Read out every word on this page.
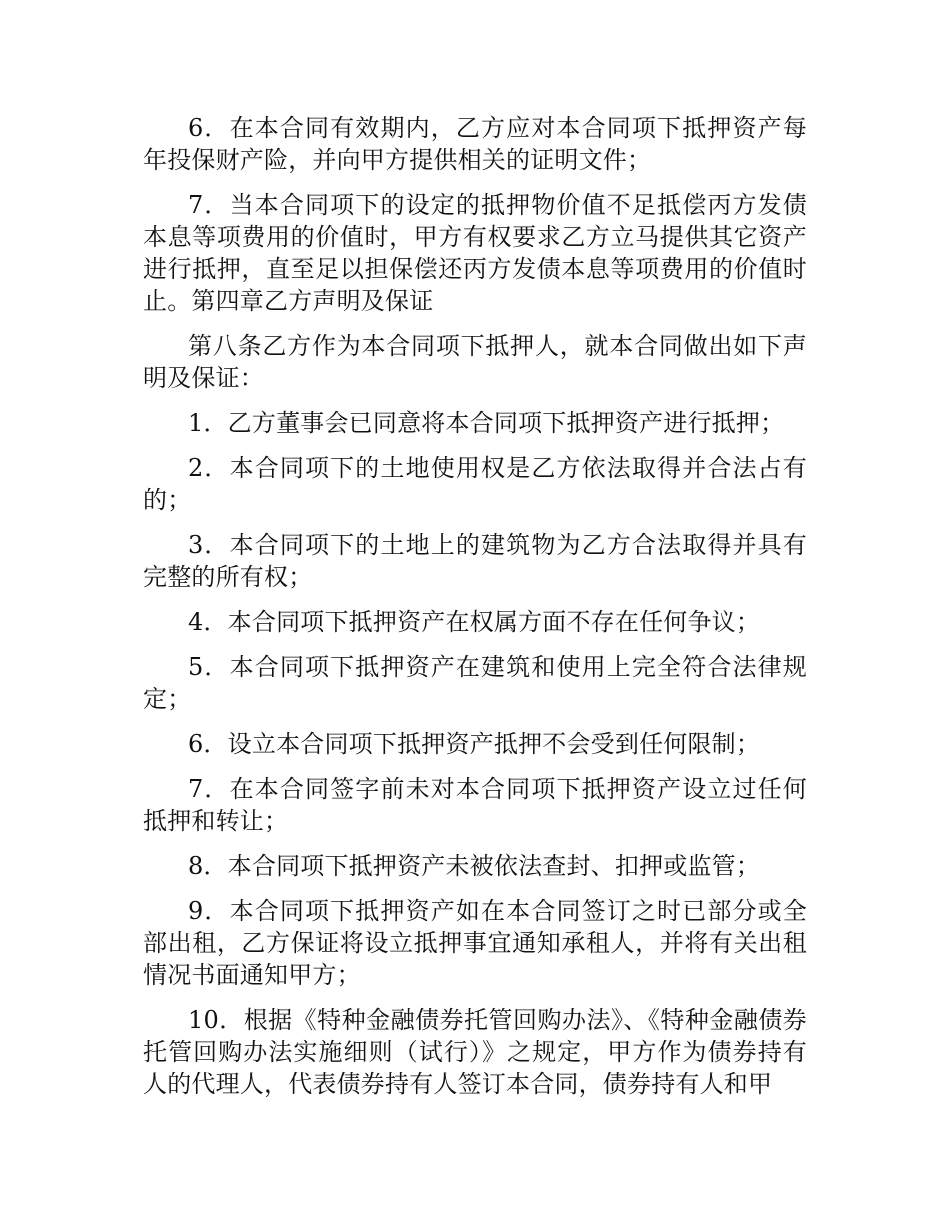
6．在本合同有效期内，乙方应对本合同项下抵押资产每年投保财产险，并向甲方提供相关的证明文件；

7．当本合同项下的设定的抵押物价值不足抵偿丙方发债本息等项费用的价值时，甲方有权要求乙方立马提供其它资产进行抵押，直至足以担保偿还丙方发债本息等项费用的价值时止。第四章乙方声明及保证

第八条乙方作为本合同项下抵押人，就本合同做出如下声明及保证：

1．乙方董事会已同意将本合同项下抵押资产进行抵押；

2．本合同项下的土地使用权是乙方依法取得并合法占有的；

3．本合同项下的土地上的建筑物为乙方合法取得并具有完整的所有权；

4．本合同项下抵押资产在权属方面不存在任何争议；

5．本合同项下抵押资产在建筑和使用上完全符合法律规定；

6．设立本合同项下抵押资产抵押不会受到任何限制；

7．在本合同签字前未对本合同项下抵押资产设立过任何抵押和转让；

8．本合同项下抵押资产未被依法查封、扣押或监管；

9．本合同项下抵押资产如在本合同签订之时已部分或全部出租，乙方保证将设立抵押事宜通知承租人，并将有关出租情况书面通知甲方；

10．根据《特种金融债券托管回购办法》、《特种金融债券托管回购办法实施细则（试行）》之规定，甲方作为债券持有人的代理人，代表债券持有人签订本合同，债券持有人和甲
